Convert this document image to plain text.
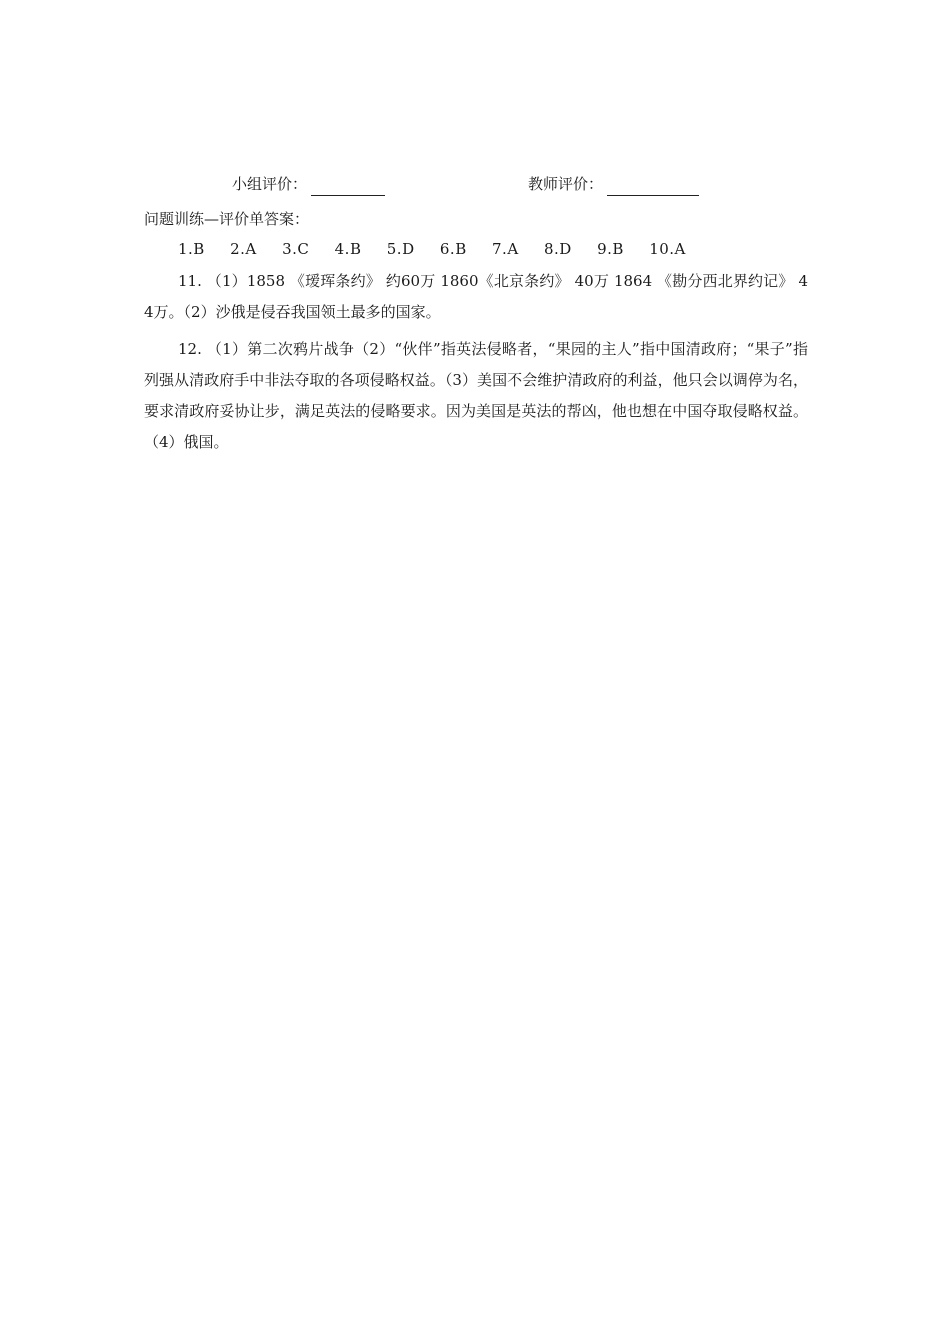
小组评价：	教师评价：
问题训练—评价单答案：
1.B 2.A 3.C 4.B 5.D 6.B 7.A 8.D 9.B 10.A

11. （1）1858 《瑷珲条约》 约60万 1860《北京条约》 40万 1864 《勘分西北界约记》 44万。（2）沙俄是侵吞我国领土最多的国家。

12. （1）第二次鸦片战争（2）“伙伴”指英法侵略者，“果园的主人”指中国清政府；“果子”指列强从清政府手中非法夺取的各项侵略权益。（3）美国不会维护清政府的利益，他只会以调停为名，要求清政府妥协让步，满足英法的侵略要求。因为美国是英法的帮凶，他也想在中国夺取侵略权益。（4）俄国。
